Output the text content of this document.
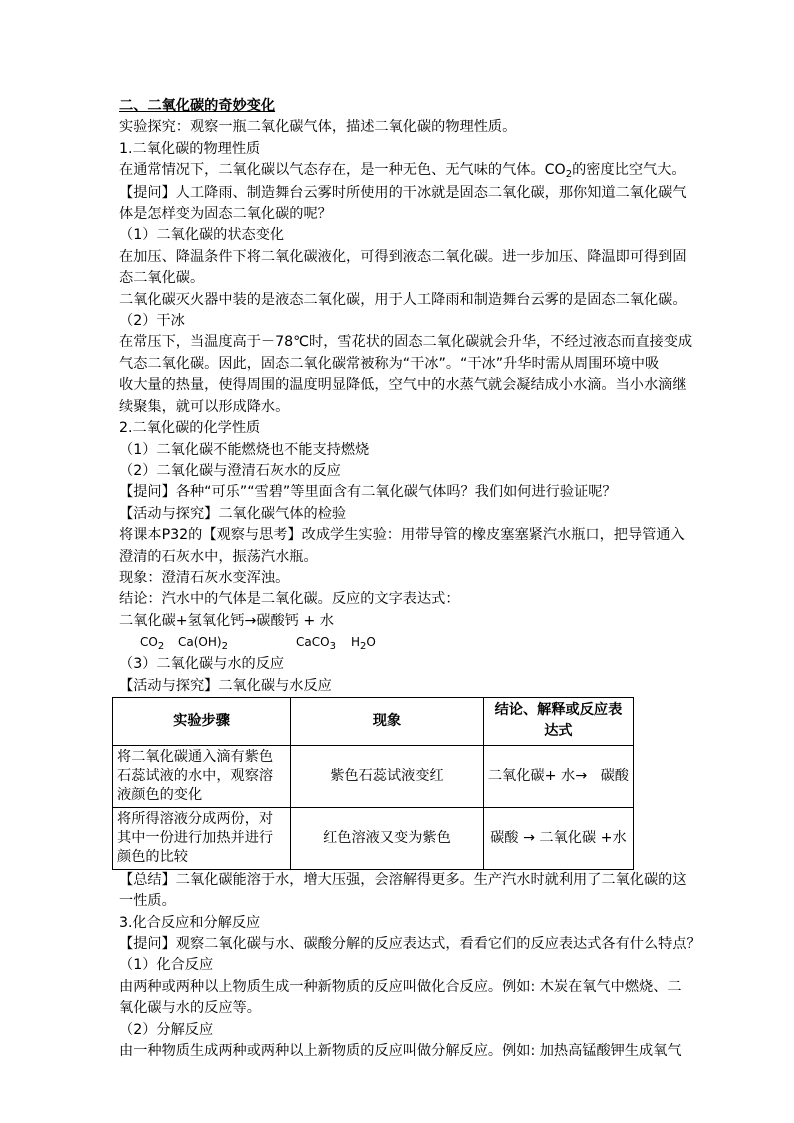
二、二氧化碳的奇妙变化
实验探究：观察一瓶二氧化碳气体，描述二氧化碳的物理性质。
1.二氧化碳的物理性质
在通常情况下，二氧化碳以气态存在，是一种无色、无气味的气体。$CO_2$的密度比空气大。
【提问】人工降雨、制造舞台云雾时所使用的干冰就是固态二氧化碳，那你知道二氧化碳气
体是怎样变为固态二氧化碳的呢？
（1）二氧化碳的状态变化
在加压、降温条件下将二氧化碳液化，可得到液态二氧化碳。进一步加压、降温即可得到固
态二氧化碳。
二氧化碳灭火器中装的是液态二氧化碳，用于人工降雨和制造舞台云雾的是固态二氧化碳。
（2）干冰
在常压下，当温度高于－78℃时，雪花状的固态二氧化碳就会升华，不经过液态而直接变成
气态二氧化碳。因此，固态二氧化碳常被称为“干冰”。“干冰”升华时需从周围环境中吸
收大量的热量，使得周围的温度明显降低，空气中的水蒸气就会凝结成小水滴。当小水滴继
续聚集，就可以形成降水。
2.二氧化碳的化学性质
（1）二氧化碳不能燃烧也不能支持燃烧
（2）二氧化碳与澄清石灰水的反应
【提问】各种“可乐”“雪碧”等里面含有二氧化碳气体吗？我们如何进行验证呢？
【活动与探究】二氧化碳气体的检验
将课本P32的【观察与思考】改成学生实验：用带导管的橡皮塞塞紧汽水瓶口，把导管通入
澄清的石灰水中，振荡汽水瓶。
现象：澄清石灰水变浑浊。
结论：汽水中的气体是二氧化碳。反应的文字表达式：
二氧化碳+氢氧化钙→碳酸钙 + 水
$CO_2$ $Ca(OH)_2$	CaCO$_3$ $H_2O$
（3）二氧化碳与水的反应
【活动与探究】二氧化碳与水反应
实验步骤	现象	结论、解释或反应表达式
将二氧化碳通入滴有紫色石蕊试液的水中，观察溶液颜色的变化	紫色石蕊试液变红	二氧化碳+ 水→   碳酸
将所得溶液分成两份，对其中一份进行加热并进行颜色的比较	红色溶液又变为紫色	碳酸 → 二氧化碳 +水
【总结】二氧化碳能溶于水，增大压强，会溶解得更多。生产汽水时就利用了二氧化碳的这
一性质。
3.化合反应和分解反应
【提问】观察二氧化碳与水、碳酸分解的反应表达式，看看它们的反应表达式各有什么特点？
（1）化合反应
由两种或两种以上物质生成一种新物质的反应叫做化合反应。例如: 木炭在氧气中燃烧、二
氧化碳与水的反应等。
（2）分解反应
由一种物质生成两种或两种以上新物质的反应叫做分解反应。例如: 加热高锰酸钾生成氧气
